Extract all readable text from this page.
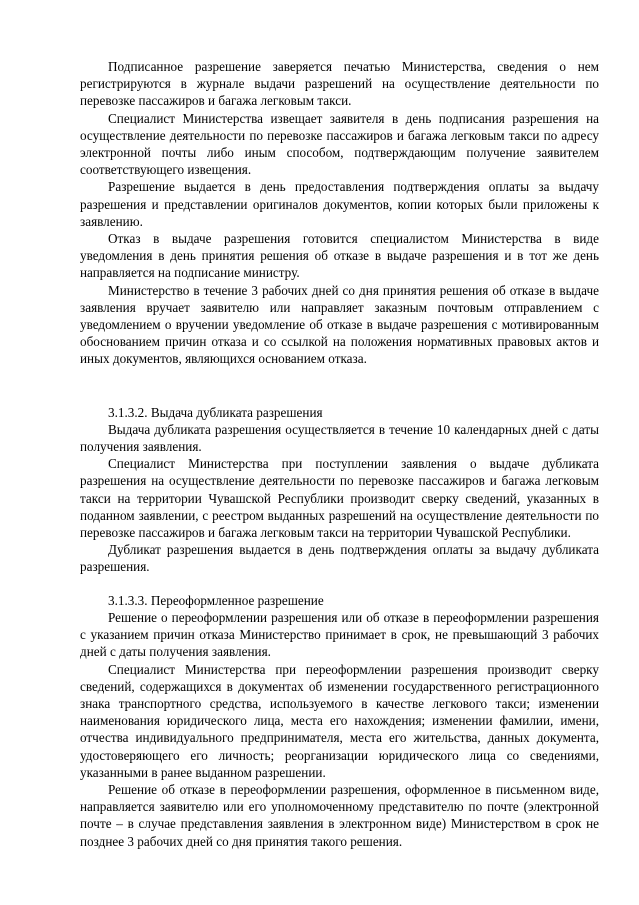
Подписанное разрешение заверяется печатью Министерства, сведения о нем регистрируются в журнале выдачи разрешений на осуществление деятельности по перевозке пассажиров и багажа легковым такси.

Специалист Министерства извещает заявителя в день подписания разрешения на осуществление деятельности по перевозке пассажиров и багажа легковым такси по адресу электронной почты либо иным способом, подтверждающим получение заявителем соответствующего извещения.

Разрешение выдается в день предоставления подтверждения оплаты за выдачу разрешения и представлении оригиналов документов, копии которых были приложены к заявлению.

Отказ в выдаче разрешения готовится специалистом Министерства в виде уведомления в день принятия решения об отказе в выдаче разрешения и в тот же день направляется на подписание министру.

Министерство в течение 3 рабочих дней со дня принятия решения об отказе в выдаче заявления вручает заявителю или направляет заказным почтовым отправлением с уведомлением о вручении уведомление об отказе в выдаче разрешения с мотивированным обоснованием причин отказа и со ссылкой на положения нормативных правовых актов и иных документов, являющихся основанием отказа.

3.1.3.2. Выдача дубликата разрешения

Выдача дубликата разрешения осуществляется в течение 10 календарных дней с даты получения заявления.

Специалист Министерства при поступлении заявления о выдаче дубликата разрешения на осуществление деятельности по перевозке пассажиров и багажа легковым такси на территории Чувашской Республики производит сверку сведений, указанных в поданном заявлении, с реестром выданных разрешений на осуществление деятельности по перевозке пассажиров и багажа легковым такси на территории Чувашской Республики.

Дубликат разрешения выдается в день подтверждения оплаты за выдачу дубликата разрешения.

3.1.3.3. Переоформленное разрешение

Решение о переоформлении разрешения или об отказе в переоформлении разрешения с указанием причин отказа Министерство принимает в срок, не превышающий 3 рабочих дней с даты получения заявления.

Специалист Министерства при переоформлении разрешения производит сверку сведений, содержащихся в документах об изменении государственного регистрационного знака транспортного средства, используемого в качестве легкового такси; изменении наименования юридического лица, места его нахождения; изменении фамилии, имени, отчества индивидуального предпринимателя, места его жительства, данных документа, удостоверяющего его личность; реорганизации юридического лица со сведениями, указанными в ранее выданном разрешении.

Решение об отказе в переоформлении разрешения, оформленное в письменном виде, направляется заявителю или его уполномоченному представителю по почте (электронной почте – в случае представления заявления в электронном виде) Министерством в срок не позднее 3 рабочих дней со дня принятия такого решения.
